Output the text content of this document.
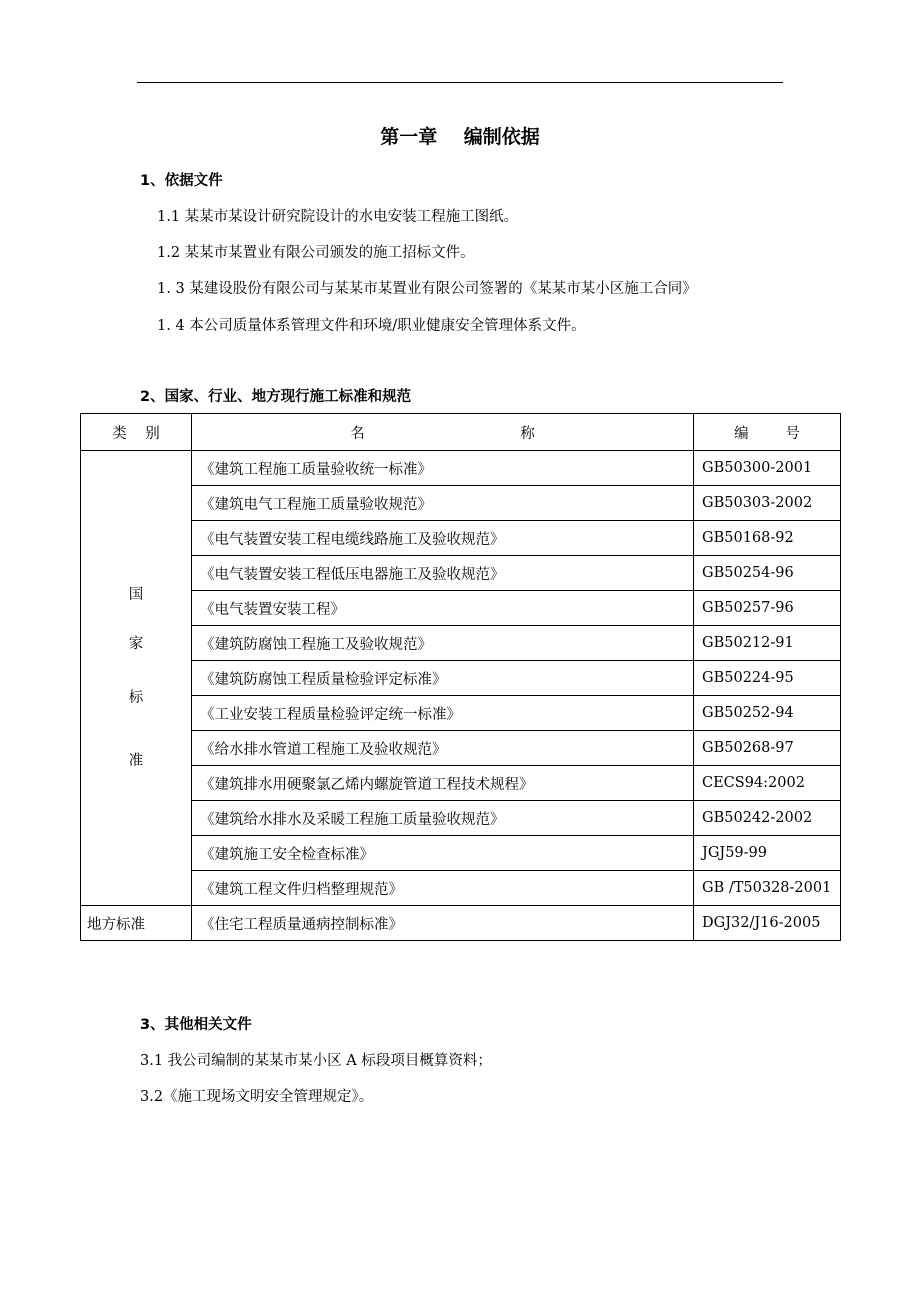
第一章    编制依据
1、依据文件
1.1 某某市某设计研究院设计的水电安装工程施工图纸。
1.2 某某市某置业有限公司颁发的施工招标文件。
1. 3 某建设股份有限公司与某某市某置业有限公司签署的《某某市某小区施工合同》
1. 4 本公司质量体系管理文件和环境/职业健康安全管理体系文件。
2、国家、行业、地方现行施工标准和规范
类    别	名 称	编        号

国
家
标
准	《建筑工程施工质量验收统一标准》	GB50300-2001
	《建筑电气工程施工质量验收规范》	GB50303-2002
	《电气装置安装工程电缆线路施工及验收规范》	GB50168-92
	《电气装置安装工程低压电器施工及验收规范》	GB50254-96
	《电气装置安装工程》	GB50257-96
	《建筑防腐蚀工程施工及验收规范》	GB50212-91
	《建筑防腐蚀工程质量检验评定标准》	GB50224-95
	《工业安装工程质量检验评定统一标准》	GB50252-94
	《给水排水管道工程施工及验收规范》	GB50268-97
	《建筑排水用硬聚氯乙烯内螺旋管道工程技术规程》	CECS94:2002
	《建筑给水排水及采暖工程施工质量验收规范》	GB50242-2002
	《建筑施工安全检查标准》	JGJ59-99
	《建筑工程文件归档整理规范》	GB /T50328-2001
地方标准	《住宅工程质量通病控制标准》	DGJ32/J16-2005
3、其他相关文件
3.1 我公司编制的某某市某小区 A 标段项目概算资料；
3.2《施工现场文明安全管理规定》。
